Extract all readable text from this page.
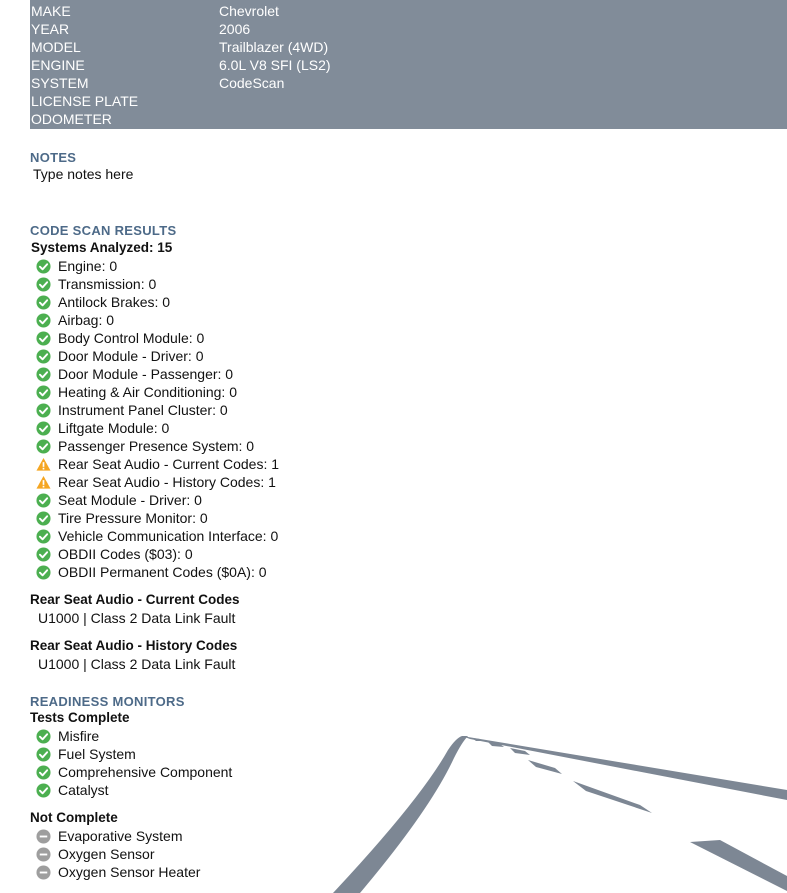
MAKE	Chevrolet
YEAR	2006
MODEL	Trailblazer (4WD)
ENGINE	6.0L V8 SFI (LS2)
SYSTEM	CodeScan
LICENSE PLATE
ODOMETER
NOTES
Type notes here
CODE SCAN RESULTS
Systems Analyzed: 15
Engine: 0
Transmission: 0
Antilock Brakes: 0
Airbag: 0
Body Control Module: 0
Door Module - Driver: 0
Door Module - Passenger: 0
Heating & Air Conditioning: 0
Instrument Panel Cluster: 0
Liftgate Module: 0
Passenger Presence System: 0
Rear Seat Audio - Current Codes: 1
Rear Seat Audio - History Codes: 1
Seat Module - Driver: 0
Tire Pressure Monitor: 0
Vehicle Communication Interface: 0
OBDII Codes ($03): 0
OBDII Permanent Codes ($0A): 0
Rear Seat Audio - Current Codes
U1000 | Class 2 Data Link Fault
Rear Seat Audio - History Codes
U1000 | Class 2 Data Link Fault
READINESS MONITORS
Tests Complete
Misfire
Fuel System
Comprehensive Component
Catalyst
Not Complete
Evaporative System
Oxygen Sensor
Oxygen Sensor Heater
